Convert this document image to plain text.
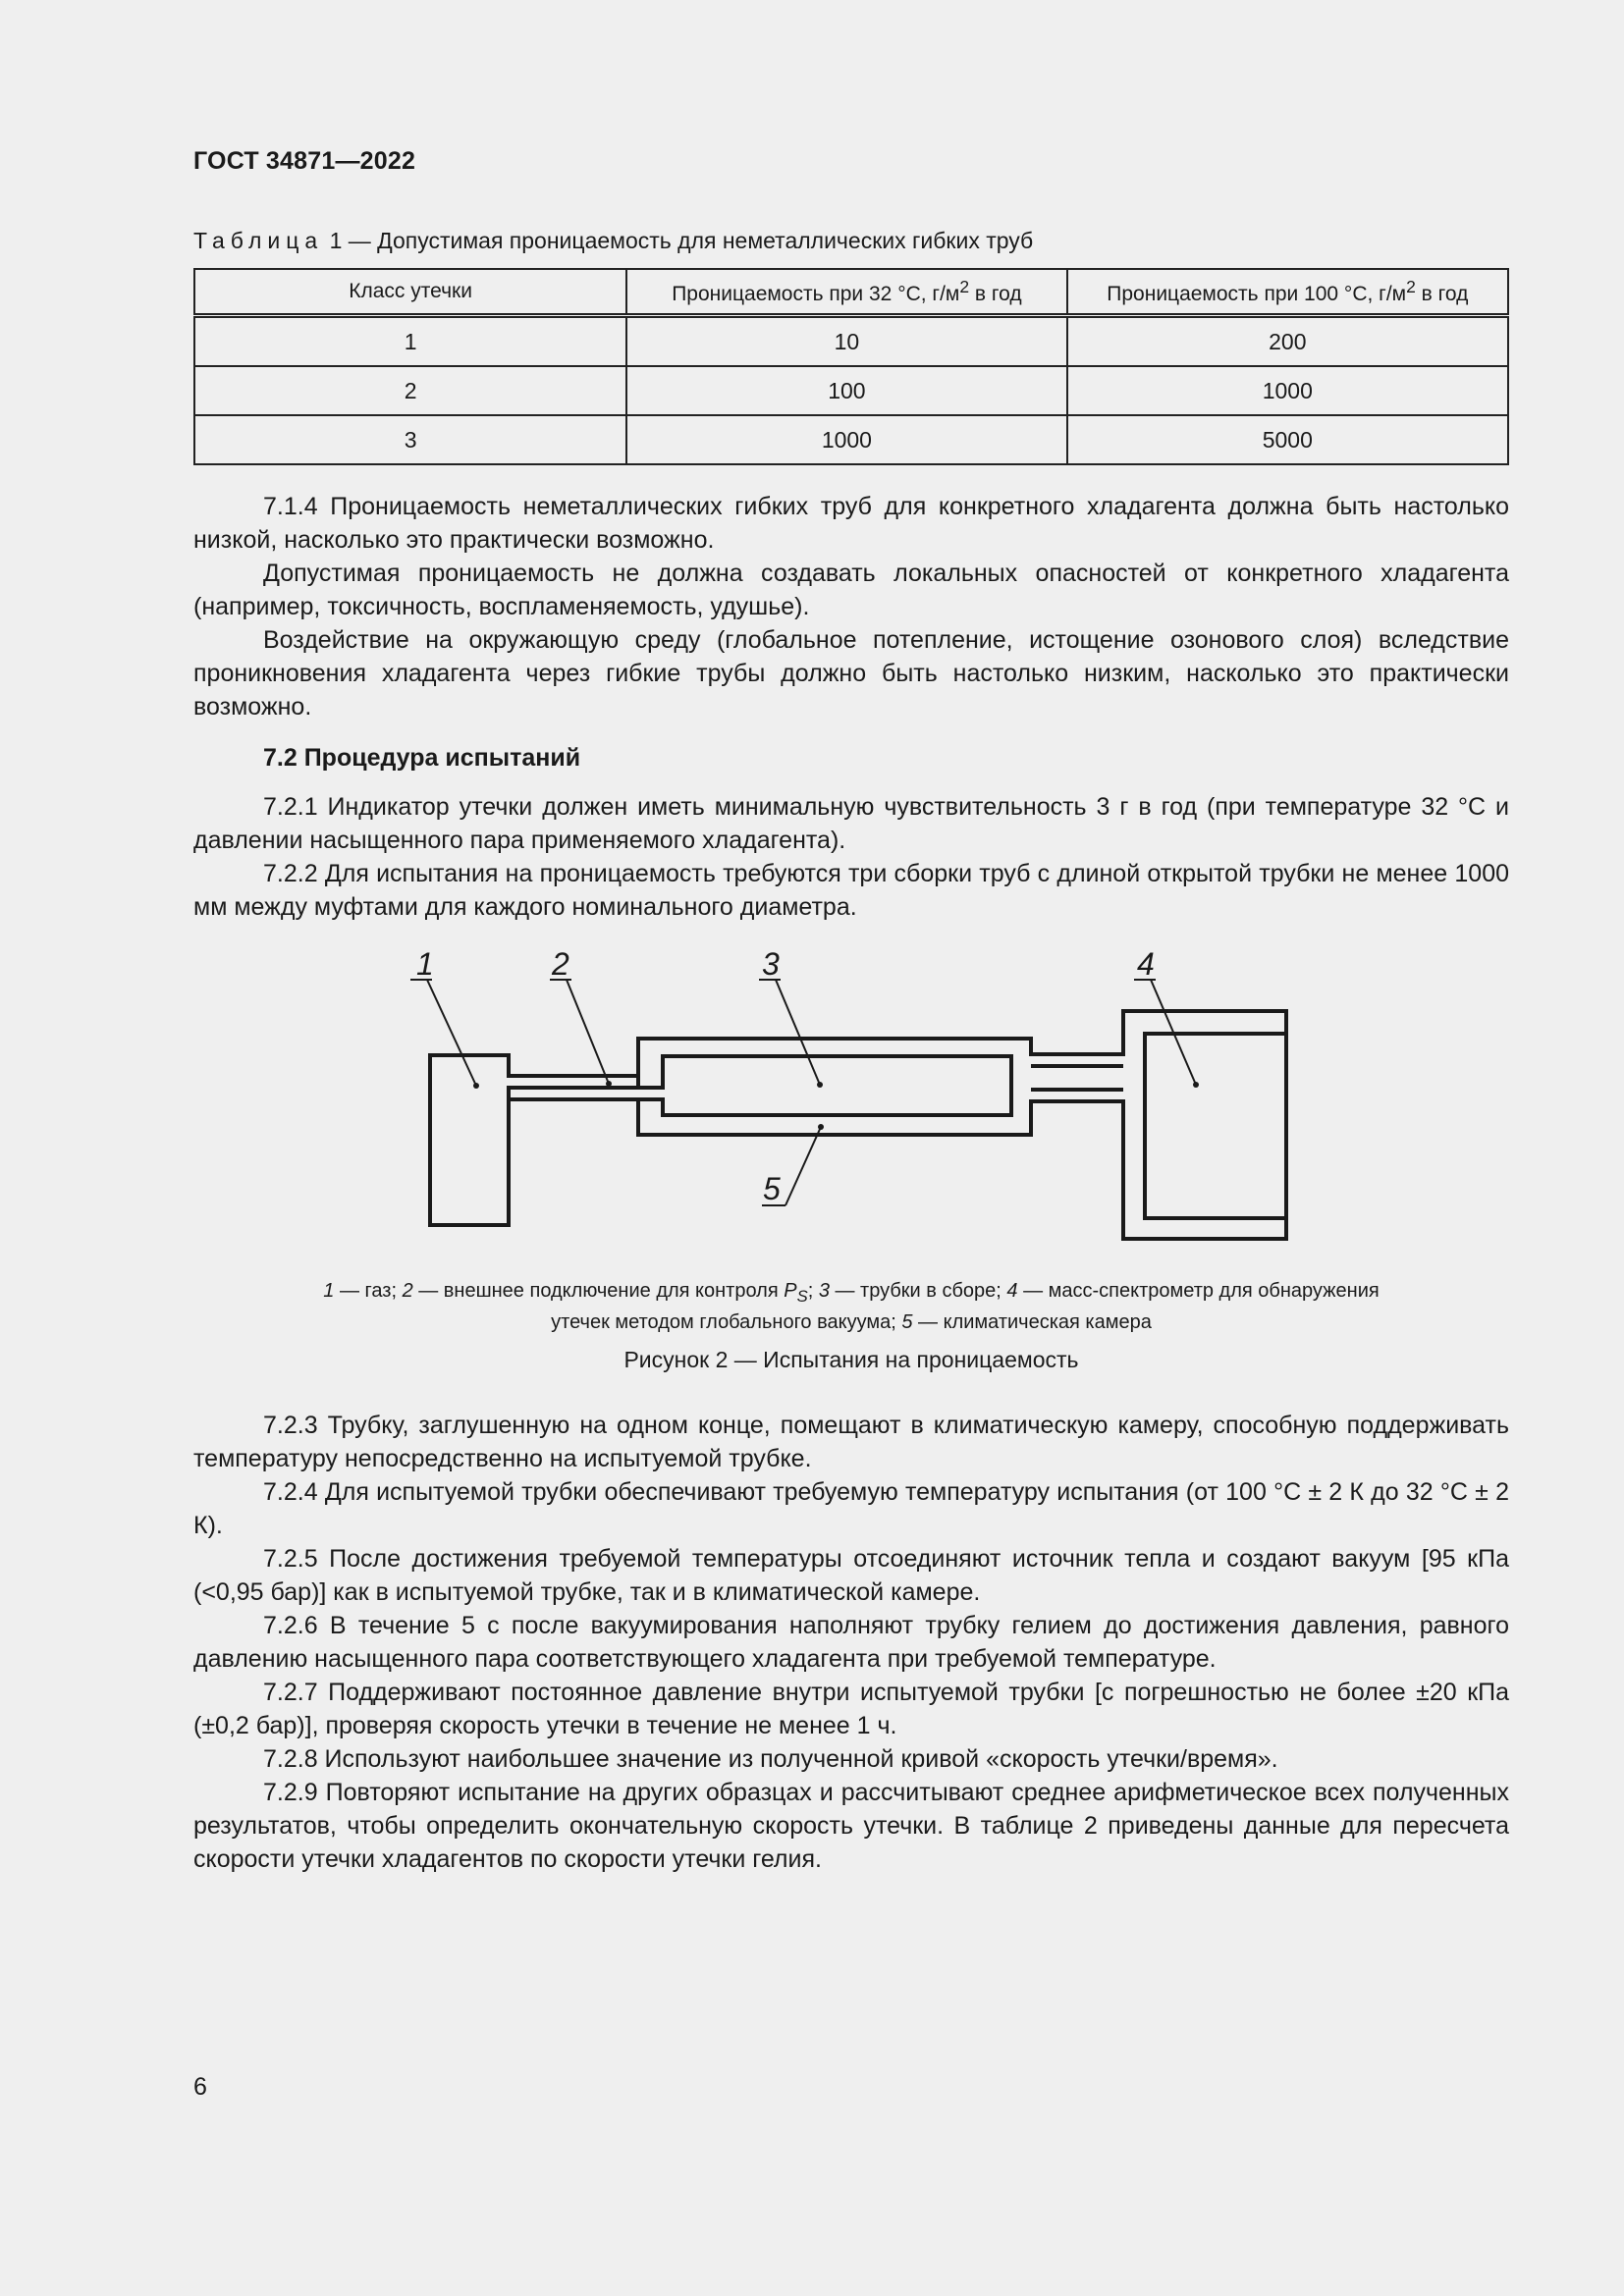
ГОСТ 34871—2022
Таблица 1 — Допустимая проницаемость для неметаллических гибких труб
Класс утечки	Проницаемость при 32 °С, $г/м^2$ в год	Проницаемость при 100 °С, $г/м^2$ в год
1	10	200
2	100	1000
3	1000	5000

7.1.4 Проницаемость неметаллических гибких труб для конкретного хладагента должна быть настолько низкой, насколько это практически возможно.

Допустимая проницаемость не должна создавать локальных опасностей от конкретного хладагента (например, токсичность, воспламеняемость, удушье).

Воздействие на окружающую среду (глобальное потепление, истощение озонового слоя) вследствие проникновения хладагента через гибкие трубы должно быть настолько низким, насколько это практически возможно.

7.2 Процедура испытаний

7.2.1 Индикатор утечки должен иметь минимальную чувствительность 3 г в год (при температуре 32 °С и давлении насыщенного пара применяемого хладагента).

7.2.2 Для испытания на проницаемость требуются три сборки труб с длиной открытой трубки не менее 1000 мм между муфтами для каждого номинального диаметра.

1	2	3	4
5
1 — газ; 2 — внешнее подключение для контроля $P_S$; 3 — трубки в сборе; 4 — масс-спектрометр для обнаружения
утечек методом глобального вакуума; 5 — климатическая камера
Рисунок 2 — Испытания на проницаемость

7.2.3 Трубку, заглушенную на одном конце, помещают в климатическую камеру, способную поддерживать температуру непосредственно на испытуемой трубке.

7.2.4 Для испытуемой трубки обеспечивают требуемую температуру испытания (от 100 °С ± 2 К до 32 °С ± 2 К).

7.2.5 После достижения требуемой температуры отсоединяют источник тепла и создают вакуум [95 кПа (<0,95 бар)] как в испытуемой трубке, так и в климатической камере.

7.2.6 В течение 5 с после вакуумирования наполняют трубку гелием до достижения давления, равного давлению насыщенного пара соответствующего хладагента при требуемой температуре.

7.2.7 Поддерживают постоянное давление внутри испытуемой трубки [с погрешностью не более ±20 кПа (±0,2 бар)], проверяя скорость утечки в течение не менее 1 ч.

7.2.8 Используют наибольшее значение из полученной кривой «скорость утечки/время».

7.2.9 Повторяют испытание на других образцах и рассчитывают среднее арифметическое всех полученных результатов, чтобы определить окончательную скорость утечки. В таблице 2 приведены данные для пересчета скорости утечки хладагентов по скорости утечки гелия.

6
